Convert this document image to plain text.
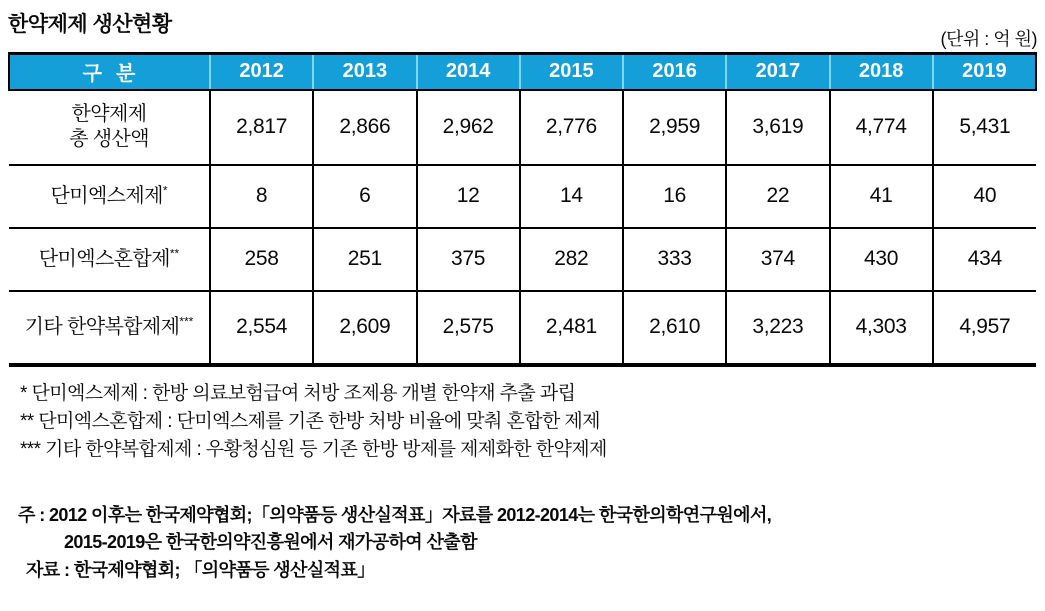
한약제제 생산현황
(단위 : 억 원)
구  분	2012	2013	2014	2015	2016	2017	2018	2019

한약제제
총 생산액	2,817	2,866	2,962	2,776	2,959	3,619	4,774	5,431

단미엑스제제*	8	6	12	14	16	22	41	40

단미엑스혼합제**	258	251	375	282	333	374	430	434

기타 한약복합제제***	2,554	2,609	2,575	2,481	2,610	3,223	4,303	4,957
* 단미엑스제제 : 한방 의료보험급여 처방 조제용 개별 한약재 추출 과립
** 단미엑스혼합제 : 단미엑스제를 기존 한방 처방 비율에 맞춰 혼합한 제제
*** 기타 한약복합제제 : 우황청심원 등 기존 한방 방제를 제제화한 한약제제
주 : 2012 이후는 한국제약협회;「의약품등 생산실적표」자료를 2012-2014는 한국한의학연구원에서,
2015-2019은 한국한의약진흥원에서 재가공하여 산출함
자료 : 한국제약협회; 「의약품등 생산실적표」
